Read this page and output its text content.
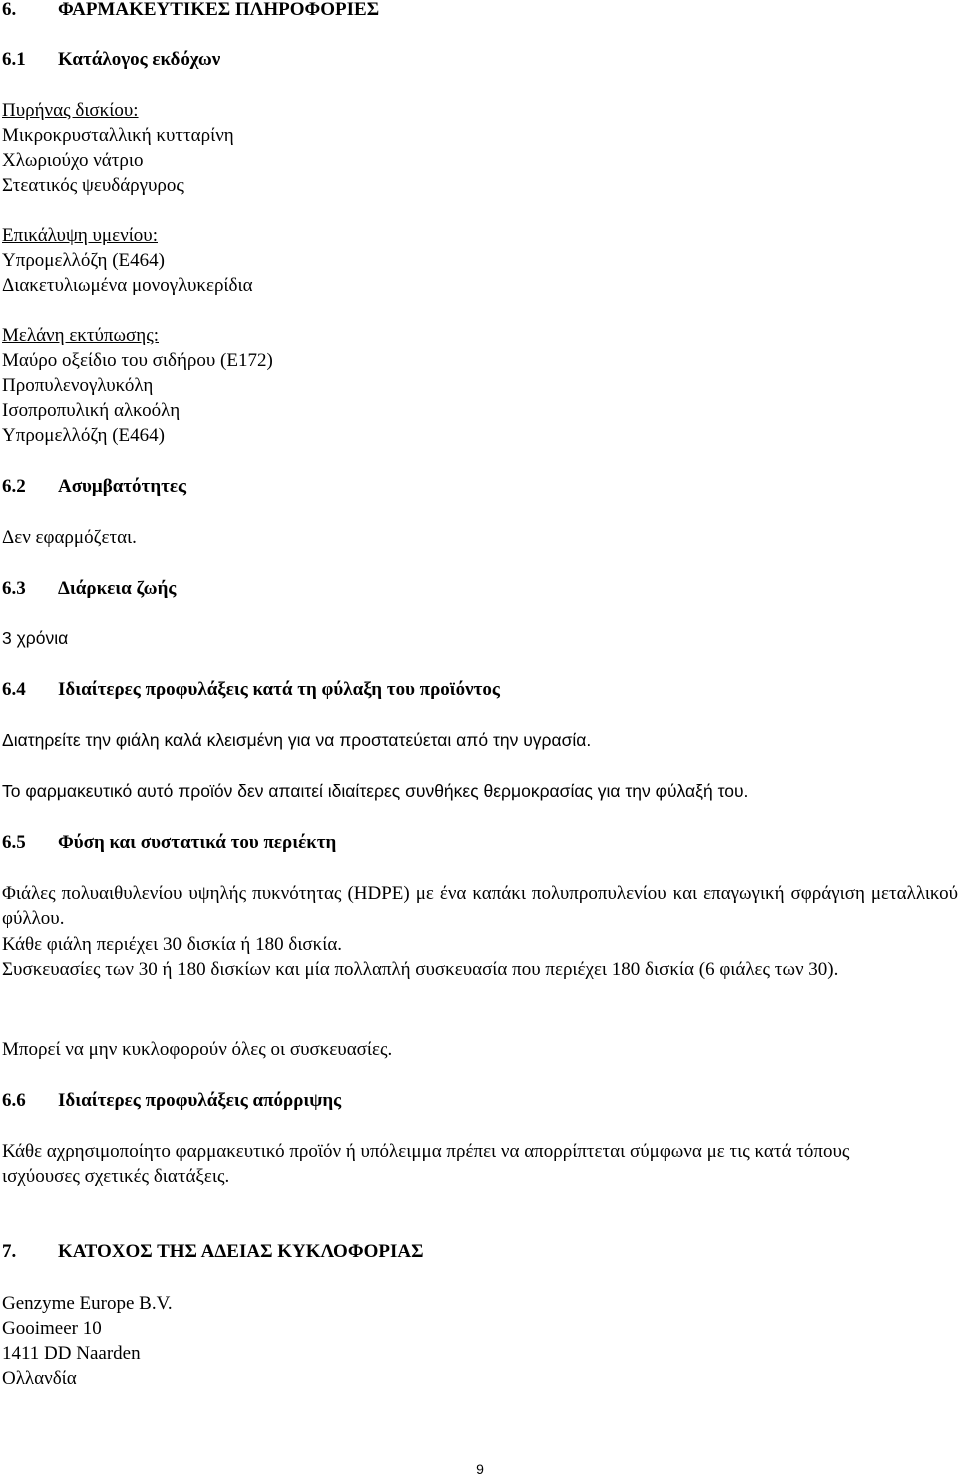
6. ΦΑΡΜΑΚΕΥΤΙΚΕΣ ΠΛΗΡΟΦΟΡΙΕΣ
6.1 Κατάλογος εκδόχων
Πυρήνας δισκίου:
Μικροκρυσταλλική κυτταρίνη
Χλωριούχο νάτριο
Στεατικός ψευδάργυρος
Επικάλυψη υμενίου:
Υπρομελλόζη (E464)
Διακετυλιωμένα μονογλυκερίδια
Μελάνη εκτύπωσης:
Μαύρο οξείδιο του σιδήρου (E172)
Προπυλενογλυκόλη
Ισοπροπυλική αλκοόλη
Υπρομελλόζη (E464)
6.2 Ασυμβατότητες
Δεν εφαρμόζεται.
6.3 Διάρκεια ζωής
3 χρόνια
6.4 Ιδιαίτερες προφυλάξεις κατά τη φύλαξη του προϊόντος
Διατηρείτε την φιάλη καλά κλεισμένη για να προστατεύεται από την υγρασία.
Το φαρμακευτικό αυτό προϊόν δεν απαιτεί ιδιαίτερες συνθήκες θερμοκρασίας για την φύλαξή του.
6.5 Φύση και συστατικά του περιέκτη

Φιάλες πολυαιθυλενίου υψηλής πυκνότητας (HDPE) με ένα καπάκι πολυπροπυλενίου και επαγωγική σφράγιση μεταλλικού φύλλου.

Κάθε φιάλη περιέχει 30 δισκία ή 180 δισκία.

Συσκευασίες των 30 ή 180 δισκίων και μία πολλαπλή συσκευασία που περιέχει 180 δισκία (6 φιάλες των 30).

Μπορεί να μην κυκλοφορούν όλες οι συσκευασίες.
6.6 Ιδιαίτερες προφυλάξεις απόρριψης

Κάθε αχρησιμοποίητο φαρμακευτικό προϊόν ή υπόλειμμα πρέπει να απορρίπτεται σύμφωνα με τις κατά τόπους ισχύουσες σχετικές διατάξεις.

7. ΚΑΤΟΧΟΣ ΤΗΣ ΑΔΕΙΑΣ ΚΥΚΛΟΦΟΡΙΑΣ
Genzyme Europe B.V.
Gooimeer 10
1411 DD Naarden
Ολλανδία
9
